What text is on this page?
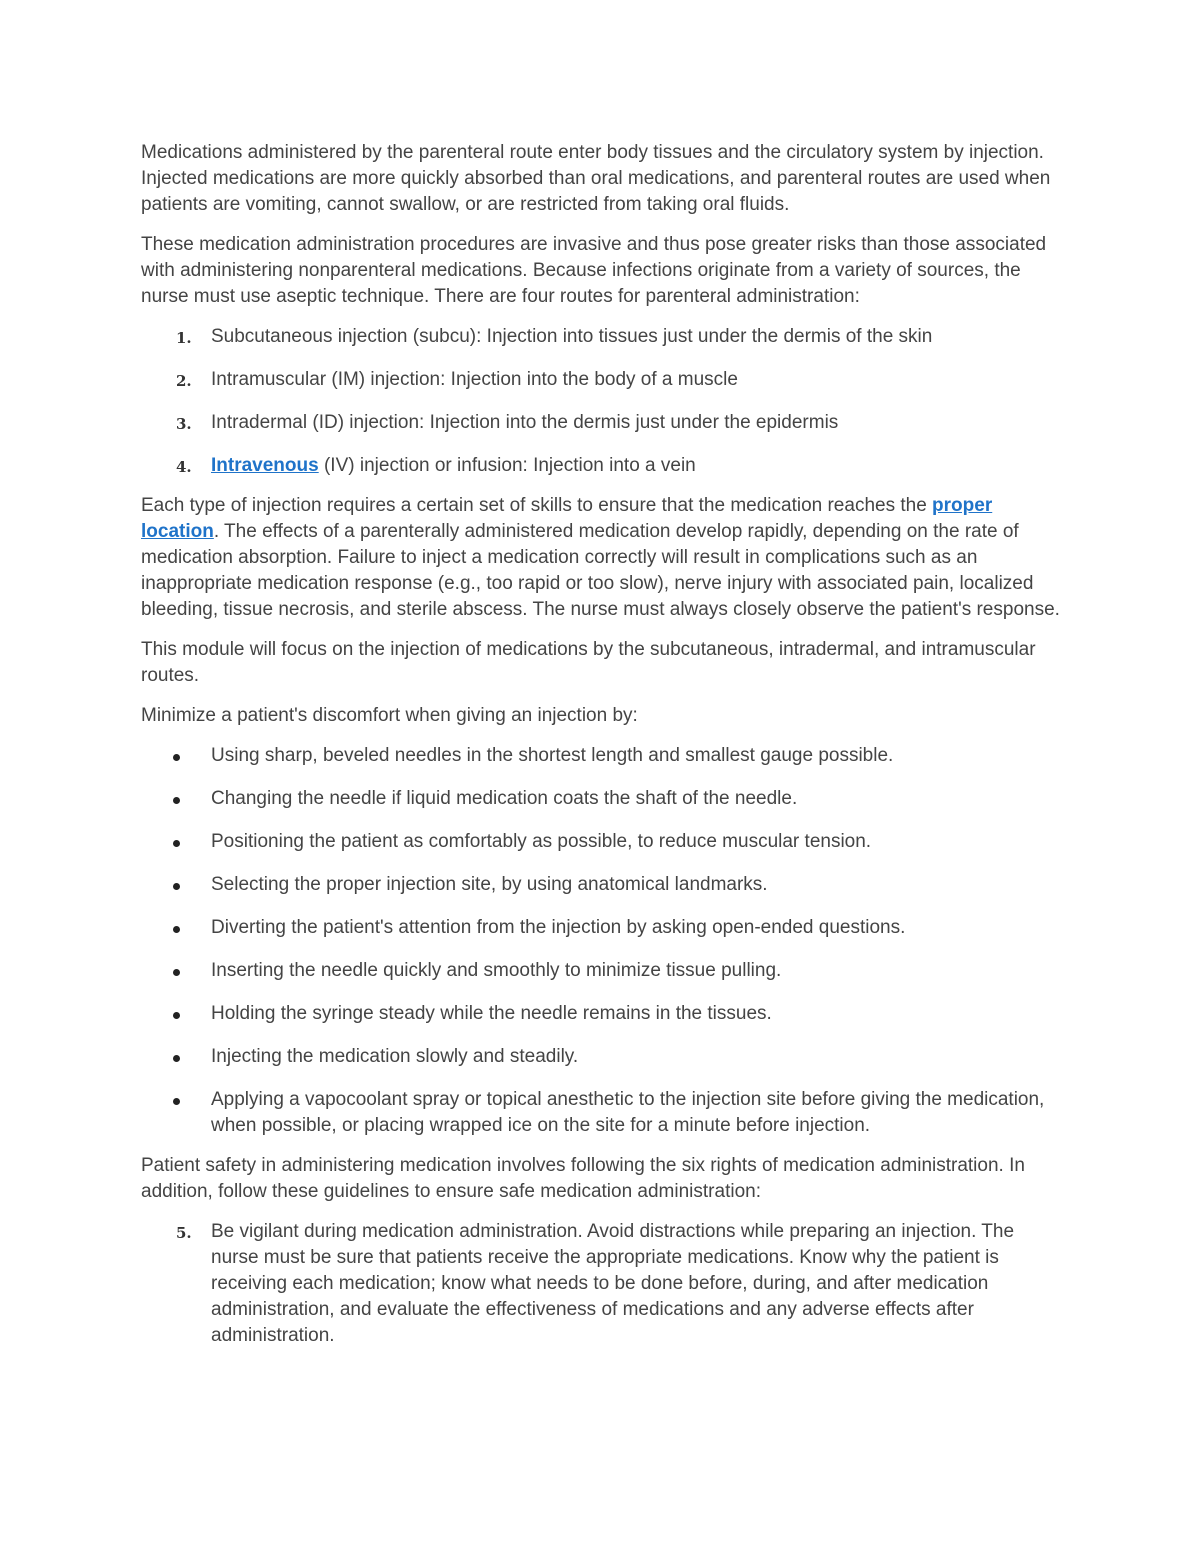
Medications administered by the parenteral route enter body tissues and the circulatory system by injection. Injected medications are more quickly absorbed than oral medications, and parenteral routes are used when patients are vomiting, cannot swallow, or are restricted from taking oral fluids.

These medication administration procedures are invasive and thus pose greater risks than those associated with administering nonparenteral medications. Because infections originate from a variety of sources, the nurse must use aseptic technique. There are four routes for parenteral administration:

1. Subcutaneous injection (subcu): Injection into tissues just under the dermis of the skin
2. Intramuscular (IM) injection: Injection into the body of a muscle
3. Intradermal (ID) injection: Injection into the dermis just under the epidermis
4. Intravenous (IV) injection or infusion: Injection into a vein

Each type of injection requires a certain set of skills to ensure that the medication reaches the proper location. The effects of a parenterally administered medication develop rapidly, depending on the rate of medication absorption. Failure to inject a medication correctly will result in complications such as an inappropriate medication response (e.g., too rapid or too slow), nerve injury with associated pain, localized bleeding, tissue necrosis, and sterile abscess. The nurse must always closely observe the patient's response.

This module will focus on the injection of medications by the subcutaneous, intradermal, and intramuscular routes.

Minimize a patient's discomfort when giving an injection by:

Using sharp, beveled needles in the shortest length and smallest gauge possible.
Changing the needle if liquid medication coats the shaft of the needle.
Positioning the patient as comfortably as possible, to reduce muscular tension.
Selecting the proper injection site, by using anatomical landmarks.
Diverting the patient's attention from the injection by asking open-ended questions.
Inserting the needle quickly and smoothly to minimize tissue pulling.
Holding the syringe steady while the needle remains in the tissues.
Injecting the medication slowly and steadily.
Applying a vapocoolant spray or topical anesthetic to the injection site before giving the medication, when possible, or placing wrapped ice on the site for a minute before injection.

Patient safety in administering medication involves following the six rights of medication administration. In addition, follow these guidelines to ensure safe medication administration:

5. Be vigilant during medication administration. Avoid distractions while preparing an injection. The nurse must be sure that patients receive the appropriate medications. Know why the patient is receiving each medication; know what needs to be done before, during, and after medication administration, and evaluate the effectiveness of medications and any adverse effects after administration.
